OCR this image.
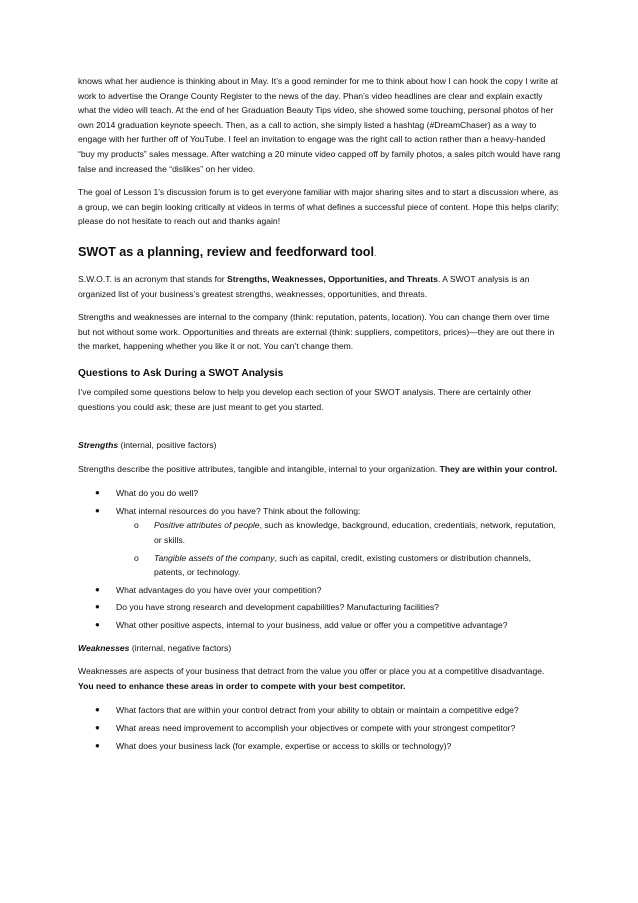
knows what her audience is thinking about in May. It’s a good reminder for me to think about how I can hook the copy I write at work to advertise the Orange County Register to the news of the day. Phan’s video headlines are clear and explain exactly what the video will teach. At the end of her Graduation Beauty Tips video, she showed some touching, personal photos of her own 2014 graduation keynote speech. Then, as a call to action, she simply listed a hashtag (#DreamChaser) as a way to engage with her further off of YouTube. I feel an invitation to engage was the right call to action rather than a heavy-handed “buy my products” sales message. After watching a 20 minute video capped off by family photos, a sales pitch would have rang false and increased the “dislikes” on her video.

The goal of Lesson 1's discussion forum is to get everyone familiar with major sharing sites and to start a discussion where, as a group, we can begin looking critically at videos in terms of what defines a successful piece of content. Hope this helps clarify; please do not hesitate to reach out and thanks again!

SWOT as a planning, review and feedforward tool.

S.W.O.T. is an acronym that stands for Strengths, Weaknesses, Opportunities, and Threats. A SWOT analysis is an organized list of your business’s greatest strengths, weaknesses, opportunities, and threats.

Strengths and weaknesses are internal to the company (think: reputation, patents, location). You can change them over time but not without some work. Opportunities and threats are external (think: suppliers, competitors, prices)—they are out there in the market, happening whether you like it or not. You can’t change them.

Questions to Ask During a SWOT Analysis

I’ve compiled some questions below to help you develop each section of your SWOT analysis. There are certainly other questions you could ask; these are just meant to get you started.

Strengths (internal, positive factors)

Strengths describe the positive attributes, tangible and intangible, internal to your organization. They are within your control.

● What do you do well?
● What internal resources do you have? Think about the following:
o Positive attributes of people, such as knowledge, background, education, credentials, network, reputation, or skills.
o Tangible assets of the company, such as capital, credit, existing customers or distribution channels, patents, or technology.
● What advantages do you have over your competition?
● Do you have strong research and development capabilities? Manufacturing facilities?
● What other positive aspects, internal to your business, add value or offer you a competitive advantage?

Weaknesses (internal, negative factors)

Weaknesses are aspects of your business that detract from the value you offer or place you at a competitive disadvantage. You need to enhance these areas in order to compete with your best competitor.

● What factors that are within your control detract from your ability to obtain or maintain a competitive edge?
● What areas need improvement to accomplish your objectives or compete with your strongest competitor?
● What does your business lack (for example, expertise or access to skills or technology)?
